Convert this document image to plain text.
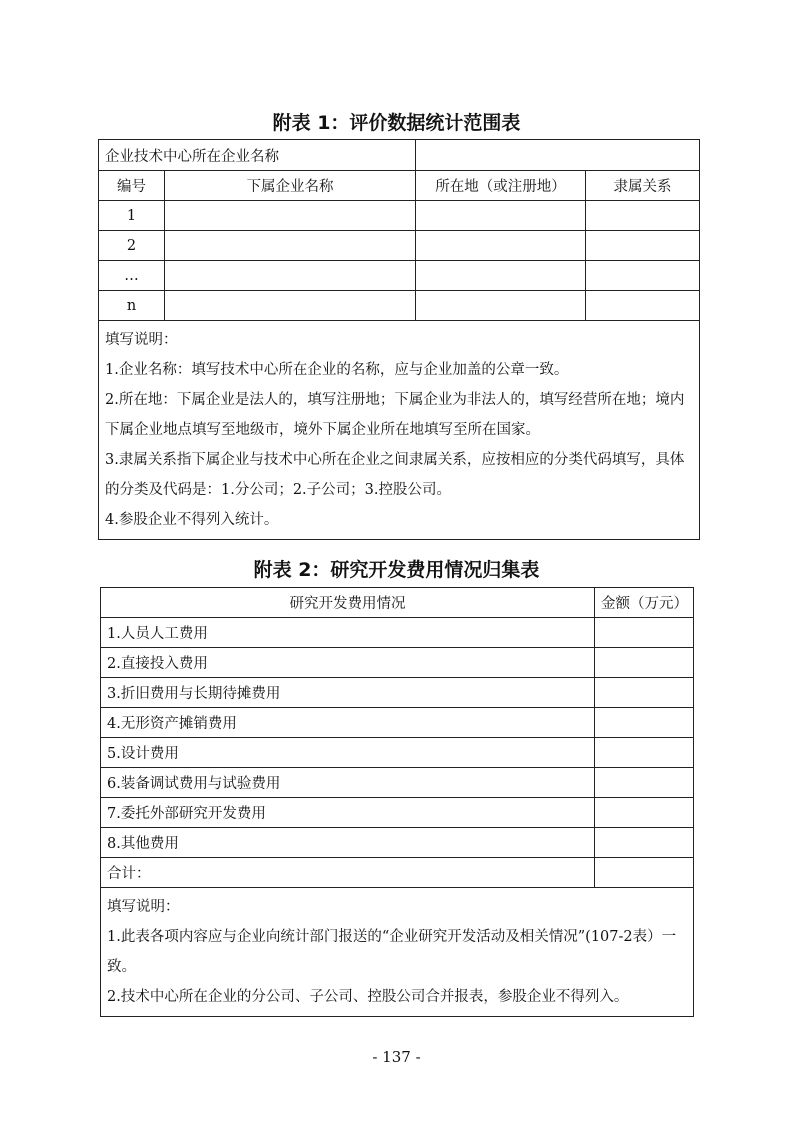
附表 1：评价数据统计范围表
企业技术中心所在企业名称			
编号	下属企业名称	所在地（或注册地）	隶属关系
1			
2			
…			
n			

填写说明：

1.企业名称：填写技术中心所在企业的名称，应与企业加盖的公章一致。

2.所在地：下属企业是法人的，填写注册地；下属企业为非法人的，填写经营所在地；境内下属企业地点填写至地级市，境外下属企业所在地填写至所在国家。

3.隶属关系指下属企业与技术中心所在企业之间隶属关系，应按相应的分类代码填写，具体的分类及代码是：1.分公司；2.子公司；3.控股公司。

4.参股企业不得列入统计。			

附表 2：研究开发费用情况归集表
研究开发费用情况	金额（万元）
1.人员人工费用	
2.直接投入费用	
3.折旧费用与长期待摊费用	
4.无形资产摊销费用	
5.设计费用	
6.装备调试费用与试验费用	
7.委托外部研究开发费用	
8.其他费用	
合计：	

填写说明：

1.此表各项内容应与企业向统计部门报送的“企业研究开发活动及相关情况”(107-2表）一致。

2.技术中心所在企业的分公司、子公司、控股公司合并报表，参股企业不得列入。	

- 137 -
